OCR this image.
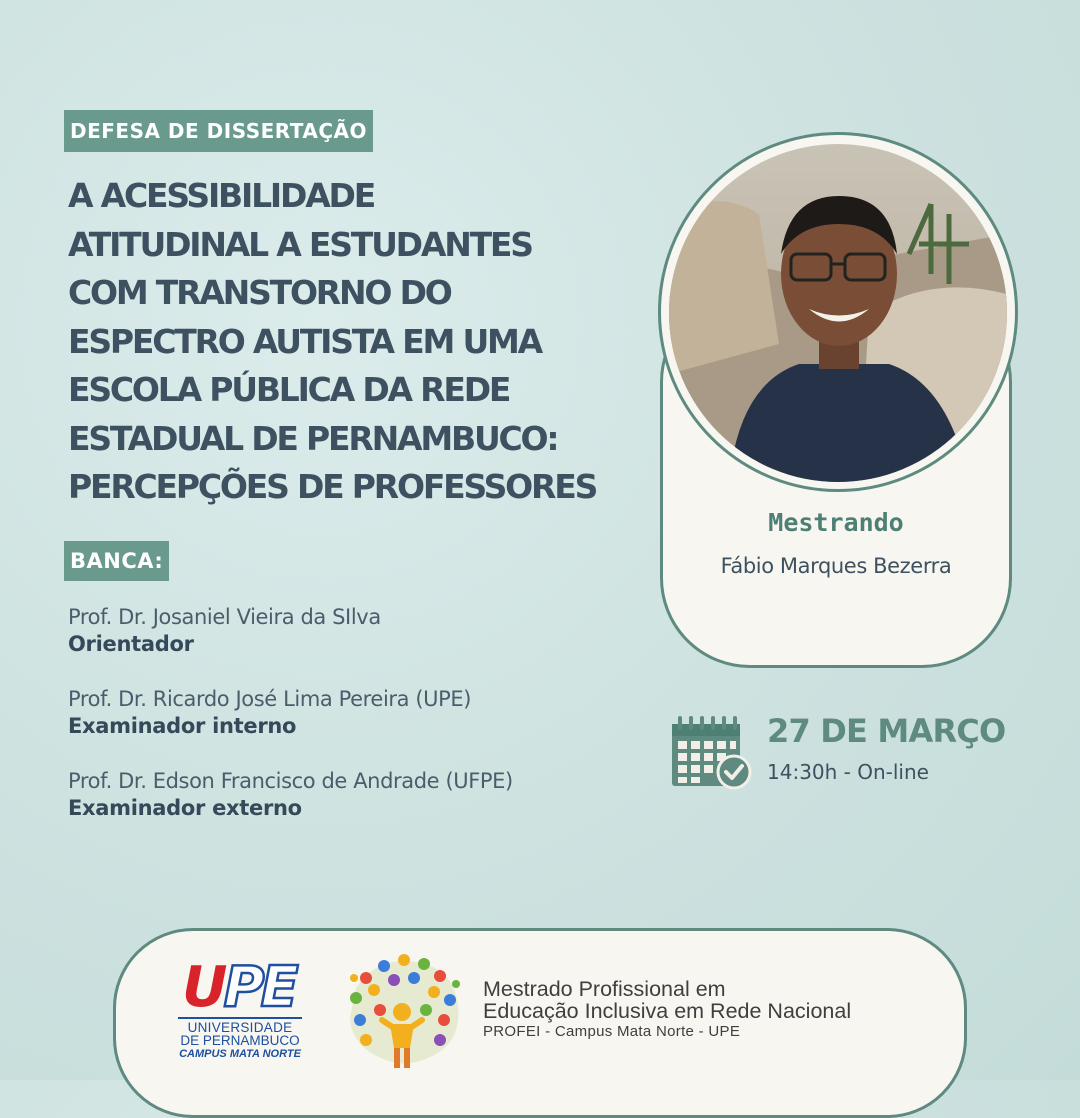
DEFESA DE DISSERTAÇÃO
A ACESSIBILIDADE
ATITUDINAL A ESTUDANTES
COM TRANSTORNO DO
ESPECTRO AUTISTA EM UMA
ESCOLA PÚBLICA DA REDE
ESTADUAL DE PERNAMBUCO:
PERCEPÇÕES DE PROFESSORES
BANCA:
Prof. Dr. Josaniel Vieira da SIlva
Orientador
Prof. Dr. Ricardo José Lima Pereira (UPE)
Examinador interno
Prof. Dr. Edson Francisco de Andrade (UFPE)
Examinador externo
Mestrando
Fábio Marques Bezerra
27 DE MARÇO
14:30h - On-line
UPE
UNIVERSIDADE
DE PERNAMBUCO
CAMPUS MATA NORTE
Mestrado Profissional em
Educação Inclusiva em Rede Nacional
PROFEI - Campus Mata Norte - UPE
